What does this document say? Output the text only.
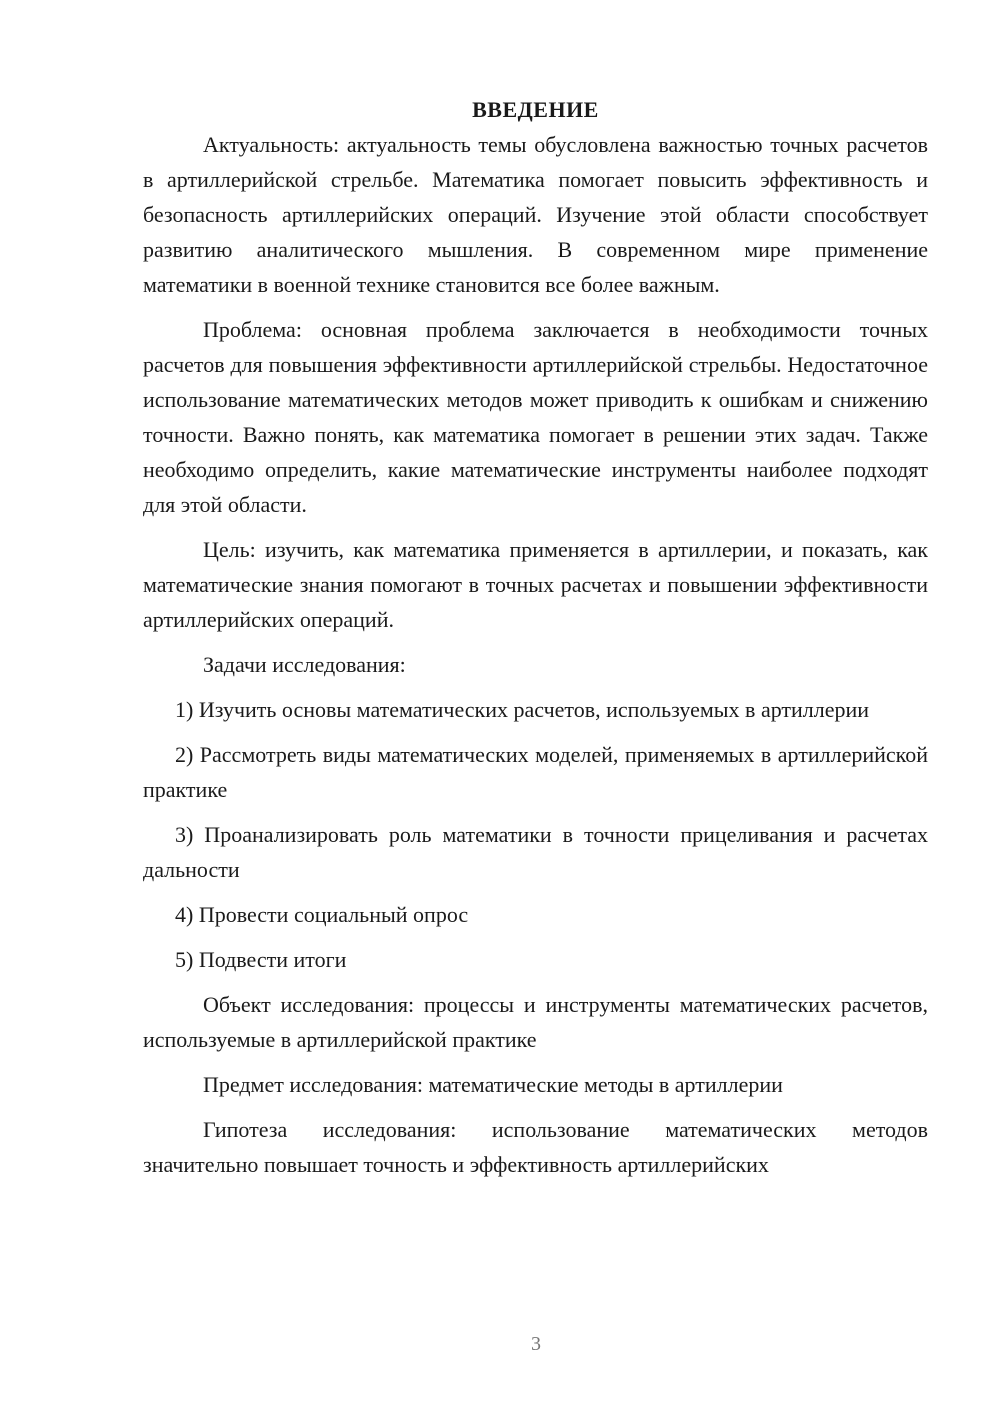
ВВЕДЕНИЕ

Актуальность: актуальность темы обусловлена важностью точных расчетов в артиллерийской стрельбе. Математика помогает повысить эффективность и безопасность артиллерийских операций. Изучение этой области способствует развитию аналитического мышления. В современном мире применение математики в военной технике становится все более важным.

Проблема: основная проблема заключается в необходимости точных расчетов для повышения эффективности артиллерийской стрельбы. Недостаточное использование математических методов может приводить к ошибкам и снижению точности. Важно понять, как математика помогает в решении этих задач. Также необходимо определить, какие математические инструменты наиболее подходят для этой области.

Цель: изучить, как математика применяется в артиллерии, и показать, как математические знания помогают в точных расчетах и повышении эффективности артиллерийских операций.

Задачи исследования:

1) Изучить основы математических расчетов, используемых в артиллерии

2) Рассмотреть виды математических моделей, применяемых в артиллерийской практике

3) Проанализировать роль математики в точности прицеливания и расчетах дальности

4) Провести социальный опрос

5) Подвести итоги

Объект исследования: процессы и инструменты математических расчетов, используемые в артиллерийской практике

Предмет исследования: математические методы в артиллерии

Гипотеза исследования: использование математических методов значительно повышает точность и эффективность артиллерийских

3
